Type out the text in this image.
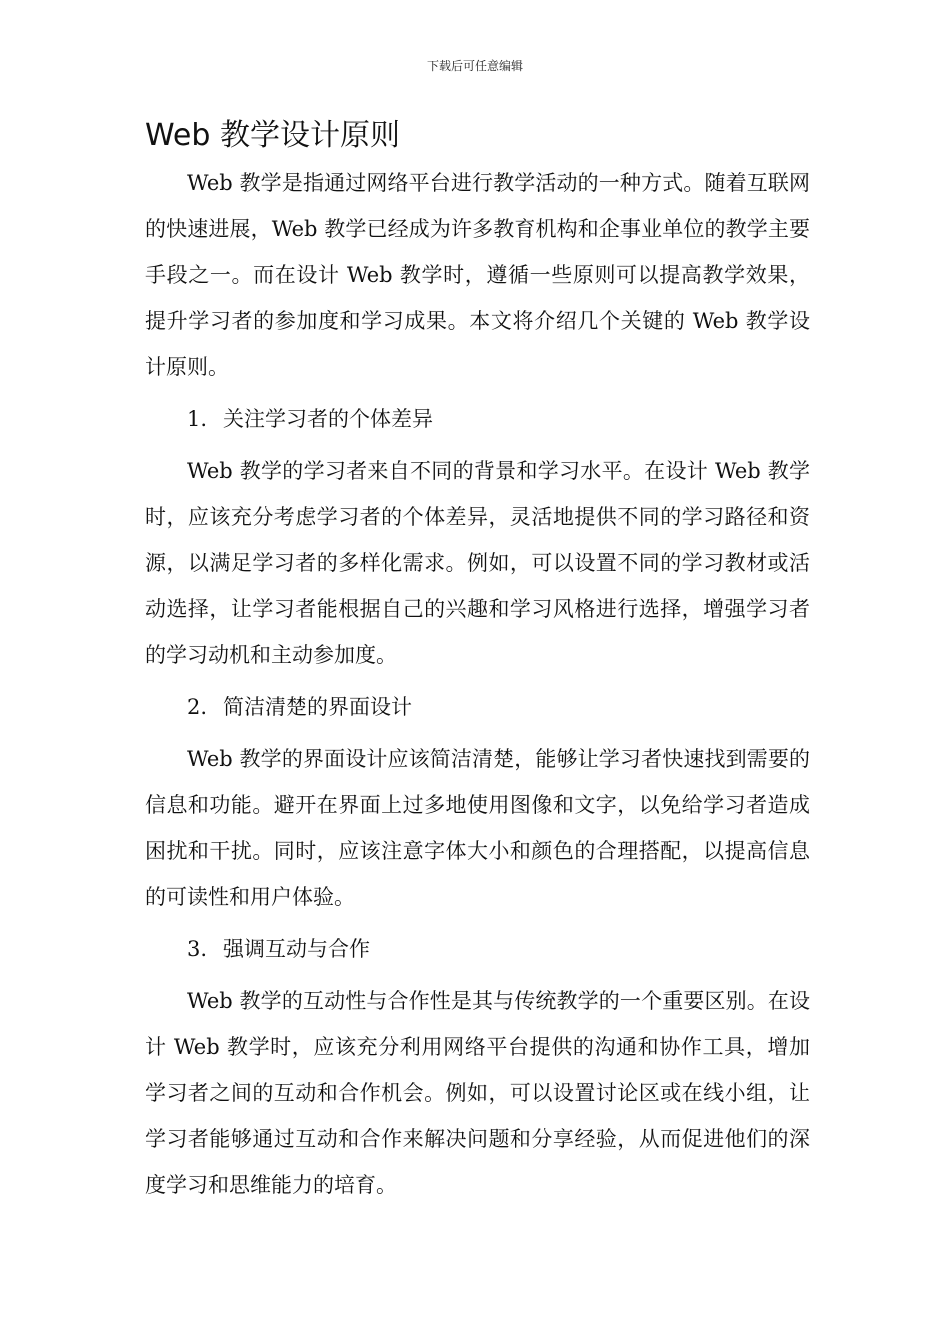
下载后可任意编辑
Web 教学设计原则

Web 教学是指通过网络平台进行教学活动的一种方式。随着互联网的快速进展，Web 教学已经成为许多教育机构和企事业单位的教学主要手段之一。而在设计 Web 教学时，遵循一些原则可以提高教学效果，提升学习者的参加度和学习成果。本文将介绍几个关键的 Web 教学设计原则。

1. 关注学习者的个体差异

Web 教学的学习者来自不同的背景和学习水平。在设计 Web 教学时，应该充分考虑学习者的个体差异，灵活地提供不同的学习路径和资源，以满足学习者的多样化需求。例如，可以设置不同的学习教材或活动选择，让学习者能根据自己的兴趣和学习风格进行选择，增强学习者的学习动机和主动参加度。

2. 简洁清楚的界面设计

Web 教学的界面设计应该简洁清楚，能够让学习者快速找到需要的信息和功能。避开在界面上过多地使用图像和文字，以免给学习者造成困扰和干扰。同时，应该注意字体大小和颜色的合理搭配，以提高信息的可读性和用户体验。

3. 强调互动与合作

Web 教学的互动性与合作性是其与传统教学的一个重要区别。在设计 Web 教学时，应该充分利用网络平台提供的沟通和协作工具，增加学习者之间的互动和合作机会。例如，可以设置讨论区或在线小组，让学习者能够通过互动和合作来解决问题和分享经验，从而促进他们的深度学习和思维能力的培育。
